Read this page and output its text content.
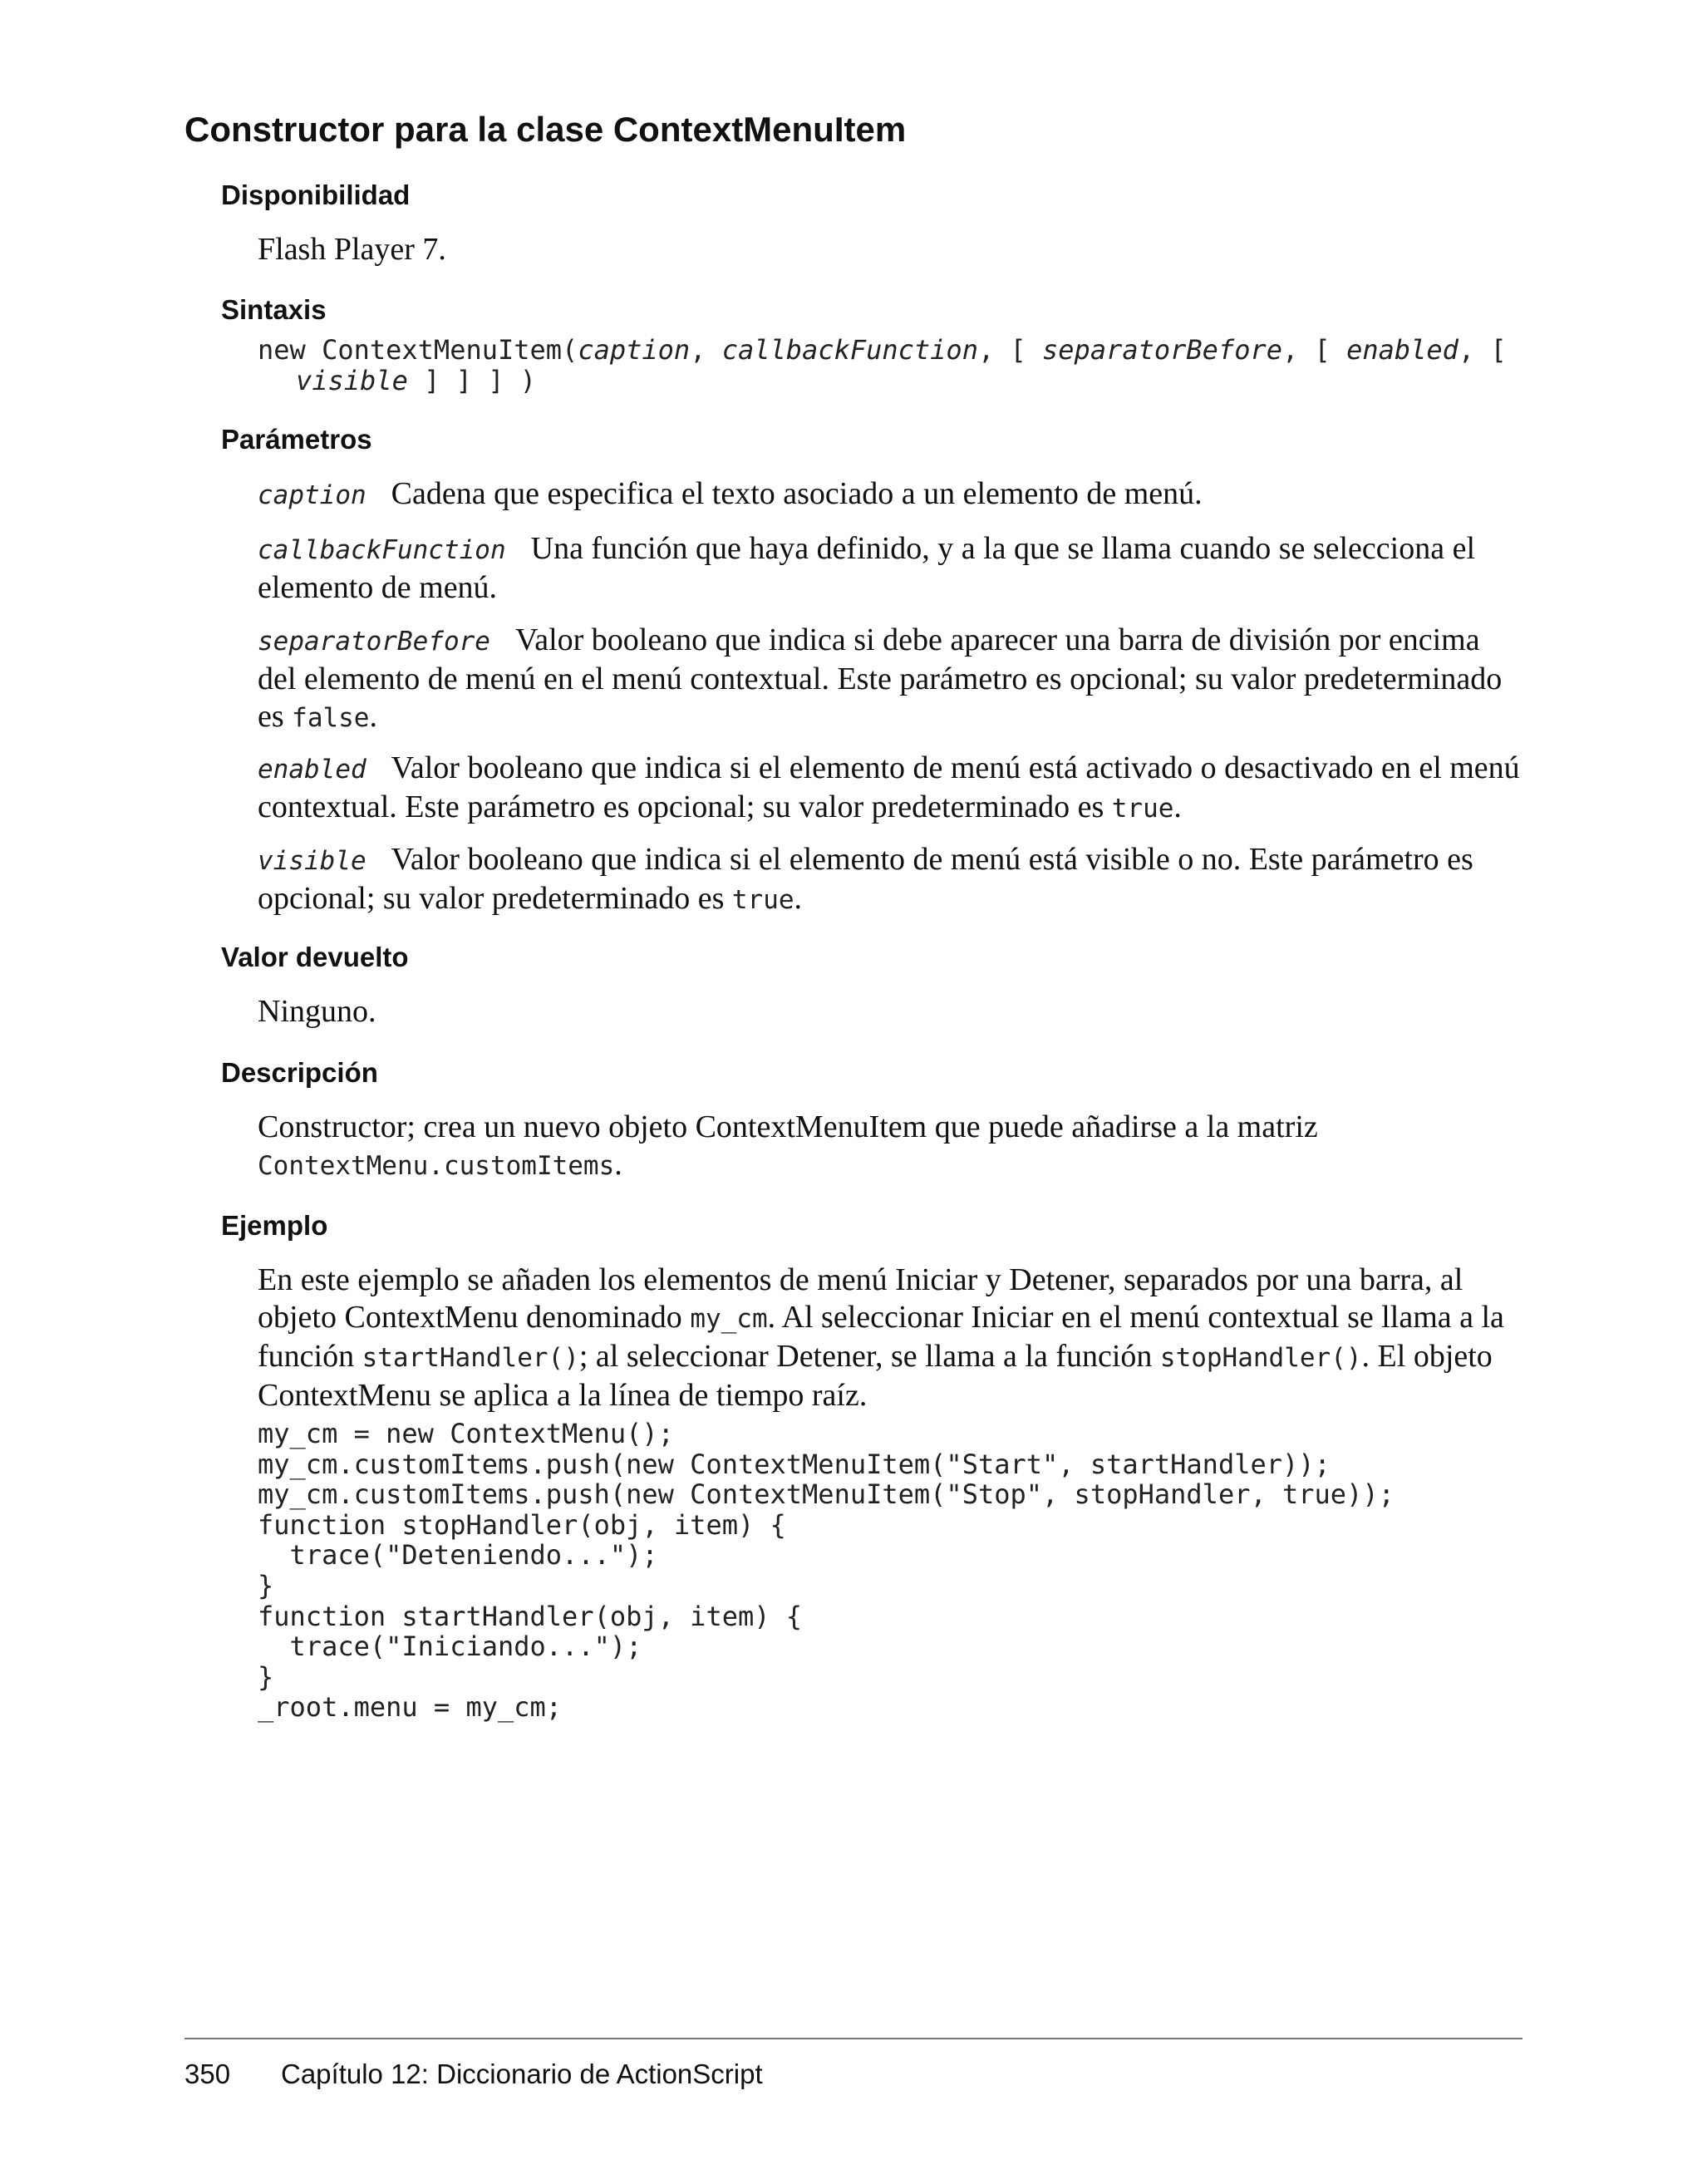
Constructor para la clase ContextMenuItem
Disponibilidad

Flash Player 7.

Sintaxis
new ContextMenuItem(caption, callbackFunction, [ separatorBefore, [ enabled, [
visible ] ] ] )
Parámetros

caption Cadena que especifica el texto asociado a un elemento de menú.

callbackFunction Una función que haya definido, y a la que se llama cuando se selecciona el elemento de menú.

separatorBefore Valor booleano que indica si debe aparecer una barra de división por encima del elemento de menú en el menú contextual. Este parámetro es opcional; su valor predeterminado es false.

enabled Valor booleano que indica si el elemento de menú está activado o desactivado en el menú contextual. Este parámetro es opcional; su valor predeterminado es true.

visible Valor booleano que indica si el elemento de menú está visible o no. Este parámetro es opcional; su valor predeterminado es true.

Valor devuelto

Ninguno.

Descripción

Constructor; crea un nuevo objeto ContextMenuItem que puede añadirse a la matriz
ContextMenu.customItems.

Ejemplo

En este ejemplo se añaden los elementos de menú Iniciar y Detener, separados por una barra, al objeto ContextMenu denominado my_cm. Al seleccionar Iniciar en el menú contextual se llama a la función startHandler(); al seleccionar Detener, se llama a la función stopHandler(). El objeto ContextMenu se aplica a la línea de tiempo raíz.

my_cm = new ContextMenu();
my_cm.customItems.push(new ContextMenuItem("Start", startHandler));
my_cm.customItems.push(new ContextMenuItem("Stop", stopHandler, true));
function stopHandler(obj, item) {
trace("Deteniendo...");
}
function startHandler(obj, item) {
trace("Iniciando...");
}
_root.menu = my_cm;
350 Capítulo 12: Diccionario de ActionScript
